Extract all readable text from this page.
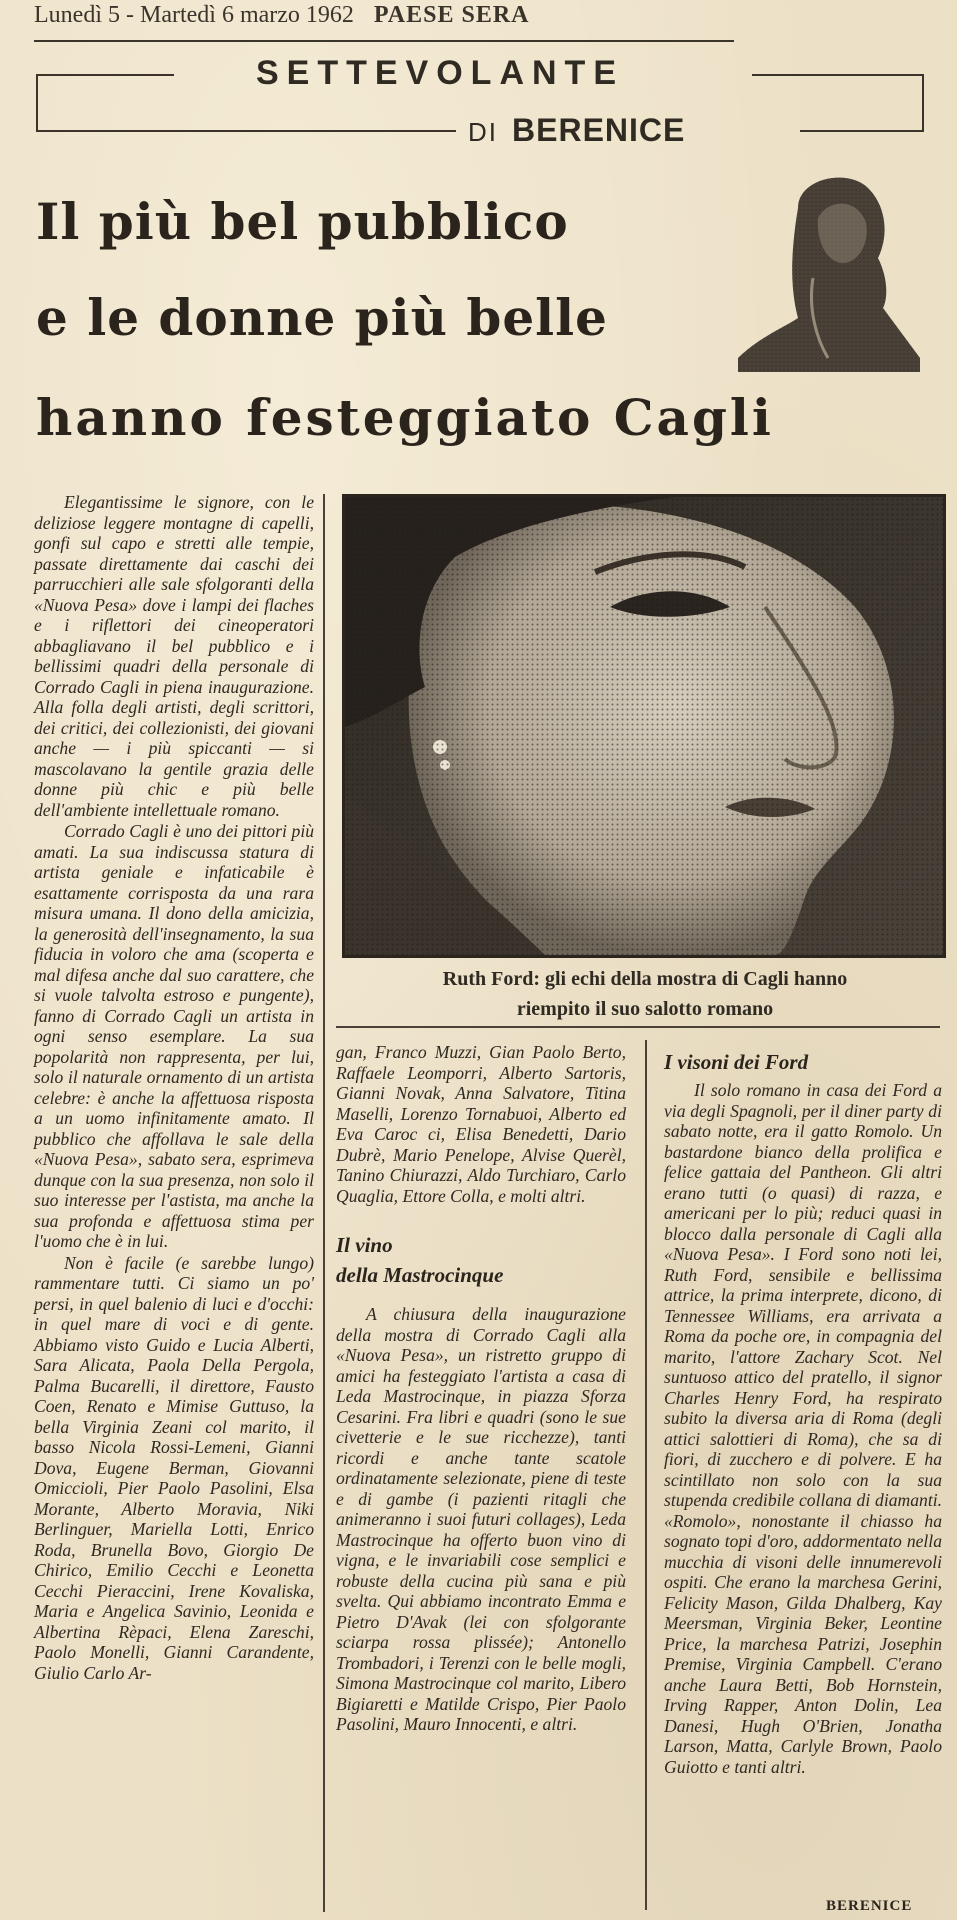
Lunedì 5 - Martedì 6 marzo 1962 PAESE SERA
SETTEVOLANTE
DI BERENICE
Il più bel pubblico
e le donne più belle
hanno festeggiato Cagli
Ruth Ford: gli echi della mostra di Cagli hanno
riempito il suo salotto romano

Elegantissime le signore, con le deliziose leggere montagne di capelli, gonfi sul capo e stretti alle tempie, passate direttamente dai caschi dei parrucchieri alle sale sfolgoranti della «Nuova Pesa» dove i lampi dei flaches e i riflettori dei cineoperatori abbagliavano il bel pubblico e i bellissimi quadri della personale di Corrado Cagli in piena inaugurazione. Alla folla degli artisti, degli scrittori, dei critici, dei collezionisti, dei giovani anche — i più spiccanti — si mascolavano la gentile grazia delle donne più chic e più belle dell'ambiente intellettuale romano.

Corrado Cagli è uno dei pittori più amati. La sua indiscussa statura di artista geniale e infaticabile è esattamente corrisposta da una rara misura umana. Il dono della amicizia, la generosità dell'insegnamento, la sua fiducia in voloro che ama (scoperta e mal difesa anche dal suo carattere, che si vuole talvolta estroso e pungente), fanno di Corrado Cagli un artista in ogni senso esemplare. La sua popolarità non rappresenta, per lui, solo il naturale ornamento di un artista celebre: è anche la affettuosa risposta a un uomo infinitamente amato. Il pubblico che affollava le sale della «Nuova Pesa», sabato sera, esprimeva dunque con la sua presenza, non solo il suo interesse per l'astista, ma anche la sua profonda e affettuosa stima per l'uomo che è in lui.

Non è facile (e sarebbe lungo) rammentare tutti. Ci siamo un po' persi, in quel balenio di luci e d'occhi: in quel mare di voci e di gente. Abbiamo visto Guido e Lucia Alberti, Sara Alicata, Paola Della Pergola, Palma Bucarelli, il direttore, Fausto Coen, Renato e Mimise Guttuso, la bella Virginia Zeani col marito, il basso Nicola Rossi-Lemeni, Gianni Dova, Eugene Berman, Giovanni Omiccioli, Pier Paolo Pasolini, Elsa Morante, Alberto Moravia, Niki Berlinguer, Mariella Lotti, Enrico Roda, Brunella Bovo, Giorgio De Chirico, Emilio Cecchi e Leonetta Cecchi Pieraccini, Irene Kovaliska, Maria e Angelica Savinio, Leonida e Albertina Rèpaci, Elena Zareschi, Paolo Monelli, Gianni Carandente, Giulio Carlo Ar-

gan, Franco Muzzi, Gian Paolo Berto, Raffaele Leomporri, Alberto Sartoris, Gianni Novak, Anna Salvatore, Titina Maselli, Lorenzo Tornabuoi, Alberto ed Eva Caroc ci, Elisa Benedetti, Dario Dubrè, Mario Penelope, Alvise Querèl, Tanino Chiurazzi, Aldo Turchiaro, Carlo Quaglia, Ettore Colla, e molti altri.

Il vino
della Mastrocinque

A chiusura della inaugurazione della mostra di Corrado Cagli alla «Nuova Pesa», un ristretto gruppo di amici ha festeggiato l'artista a casa di Leda Mastrocinque, in piazza Sforza Cesarini. Fra libri e quadri (sono le sue civetterie e le sue ricchezze), tanti ricordi e anche tante scatole ordinatamente selezionate, piene di teste e di gambe (i pazienti ritagli che animeranno i suoi futuri collages), Leda Mastrocinque ha offerto buon vino di vigna, e le invariabili cose semplici e robuste della cucina più sana e più svelta. Qui abbiamo incontrato Emma e Pietro D'Avak (lei con sfolgorante sciarpa rossa plissée); Antonello Trombadori, i Terenzi con le belle mogli, Simona Mastrocinque col marito, Libero Bigiaretti e Matilde Crispo, Pier Paolo Pasolini, Mauro Innocenti, e altri.

I visoni dei Ford

Il solo romano in casa dei Ford a via degli Spagnoli, per il diner party di sabato notte, era il gatto Romolo. Un bastardone bianco della prolifica e felice gattaia del Pantheon. Gli altri erano tutti (o quasi) di razza, e americani per lo più; reduci quasi in blocco dalla personale di Cagli alla «Nuova Pesa». I Ford sono noti lei, Ruth Ford, sensibile e bellissima attrice, la prima interprete, dicono, di Tennessee Williams, era arrivata a Roma da poche ore, in compagnia del marito, l'attore Zachary Scot. Nel suntuoso attico del pratello, il signor Charles Henry Ford, ha respirato subito la diversa aria di Roma (degli attici salottieri di Roma), che sa di fiori, di zucchero e di polvere. E ha scintillato non solo con la sua stupenda credibile collana di diamanti. «Romolo», nonostante il chiasso ha sognato topi d'oro, addormentato nella mucchia di visoni delle innumerevoli ospiti. Che erano la marchesa Gerini, Felicity Mason, Gilda Dhalberg, Kay Meersman, Virginia Beker, Leontine Price, la marchesa Patrizi, Josephin Premise, Virginia Campbell. C'erano anche Laura Betti, Bob Hornstein, Irving Rapper, Anton Dolin, Lea Danesi, Hugh O'Brien, Jonatha Larson, Matta, Carlyle Brown, Paolo Guiotto e tanti altri.

BERENICE
